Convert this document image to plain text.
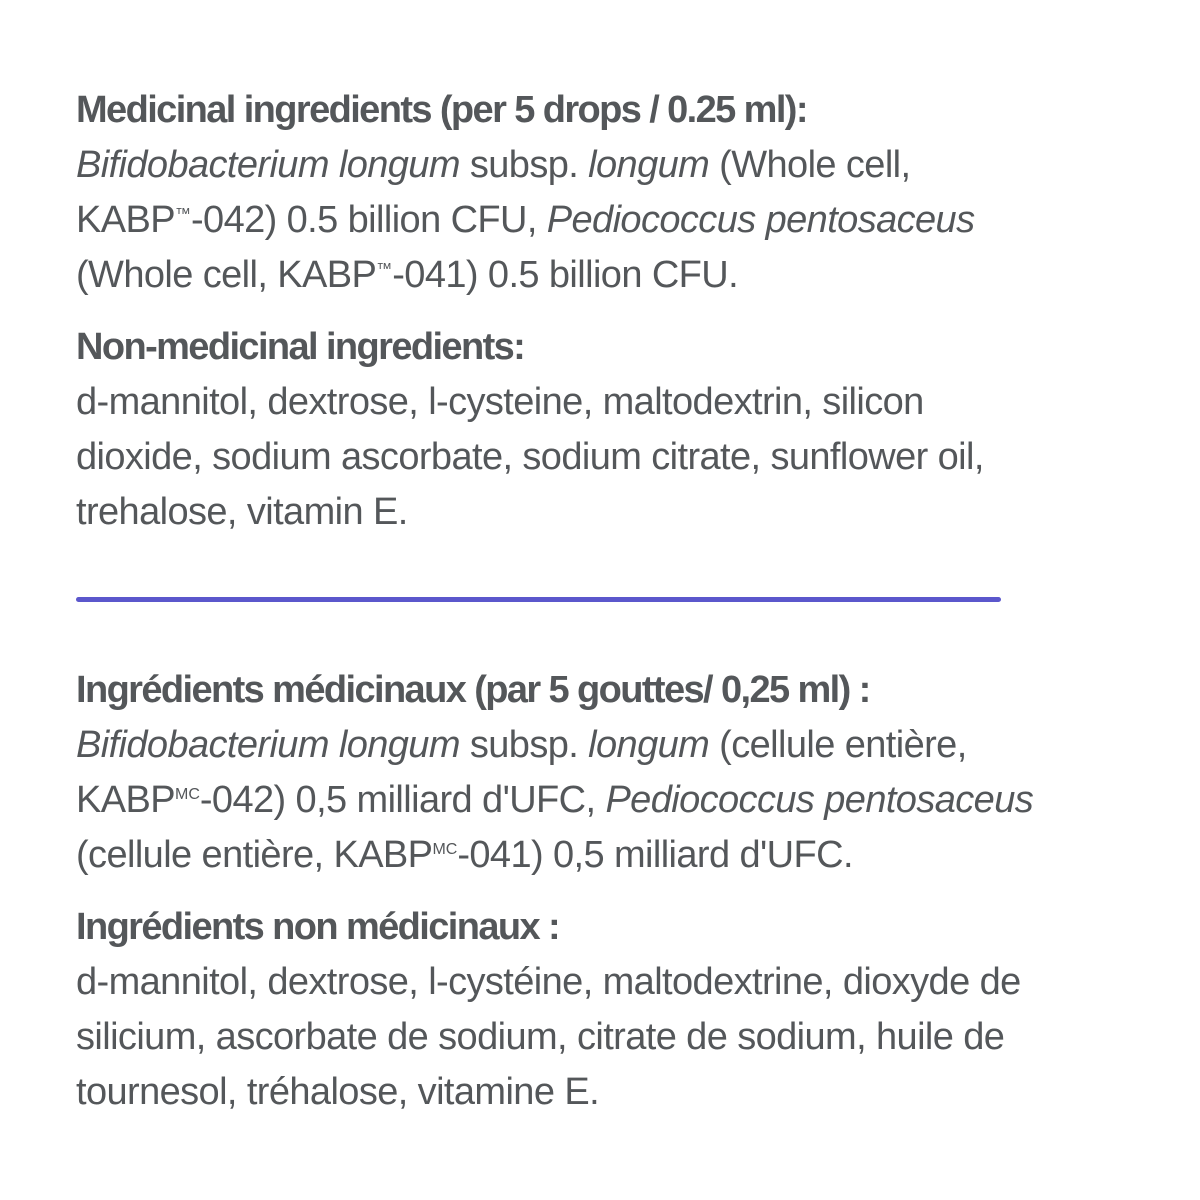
Medicinal ingredients (per 5 drops / 0.25 ml):
Bifidobacterium longum subsp. longum (Whole cell,
KABP™-042) 0.5 billion CFU, Pediococcus pentosaceus
(Whole cell, KABP™-041) 0.5 billion CFU.
Non-medicinal ingredients:
d-mannitol, dextrose, l-cysteine, maltodextrin, silicon
dioxide, sodium ascorbate, sodium citrate, sunflower oil,
trehalose, vitamin E.
Ingrédients médicinaux (par 5 gouttes/ 0,25 ml) :
Bifidobacterium longum subsp. longum (cellule entière,
$KABP^{MC}-042$) 0,5 milliard d'UFC, Pediococcus pentosaceus
(cellule entière, $KABP^{MC}-041$) 0,5 milliard d'UFC.
Ingrédients non médicinaux :
d-mannitol, dextrose, l-cystéine, maltodextrine, dioxyde de
silicium, ascorbate de sodium, citrate de sodium, huile de
tournesol, tréhalose, vitamine E.
